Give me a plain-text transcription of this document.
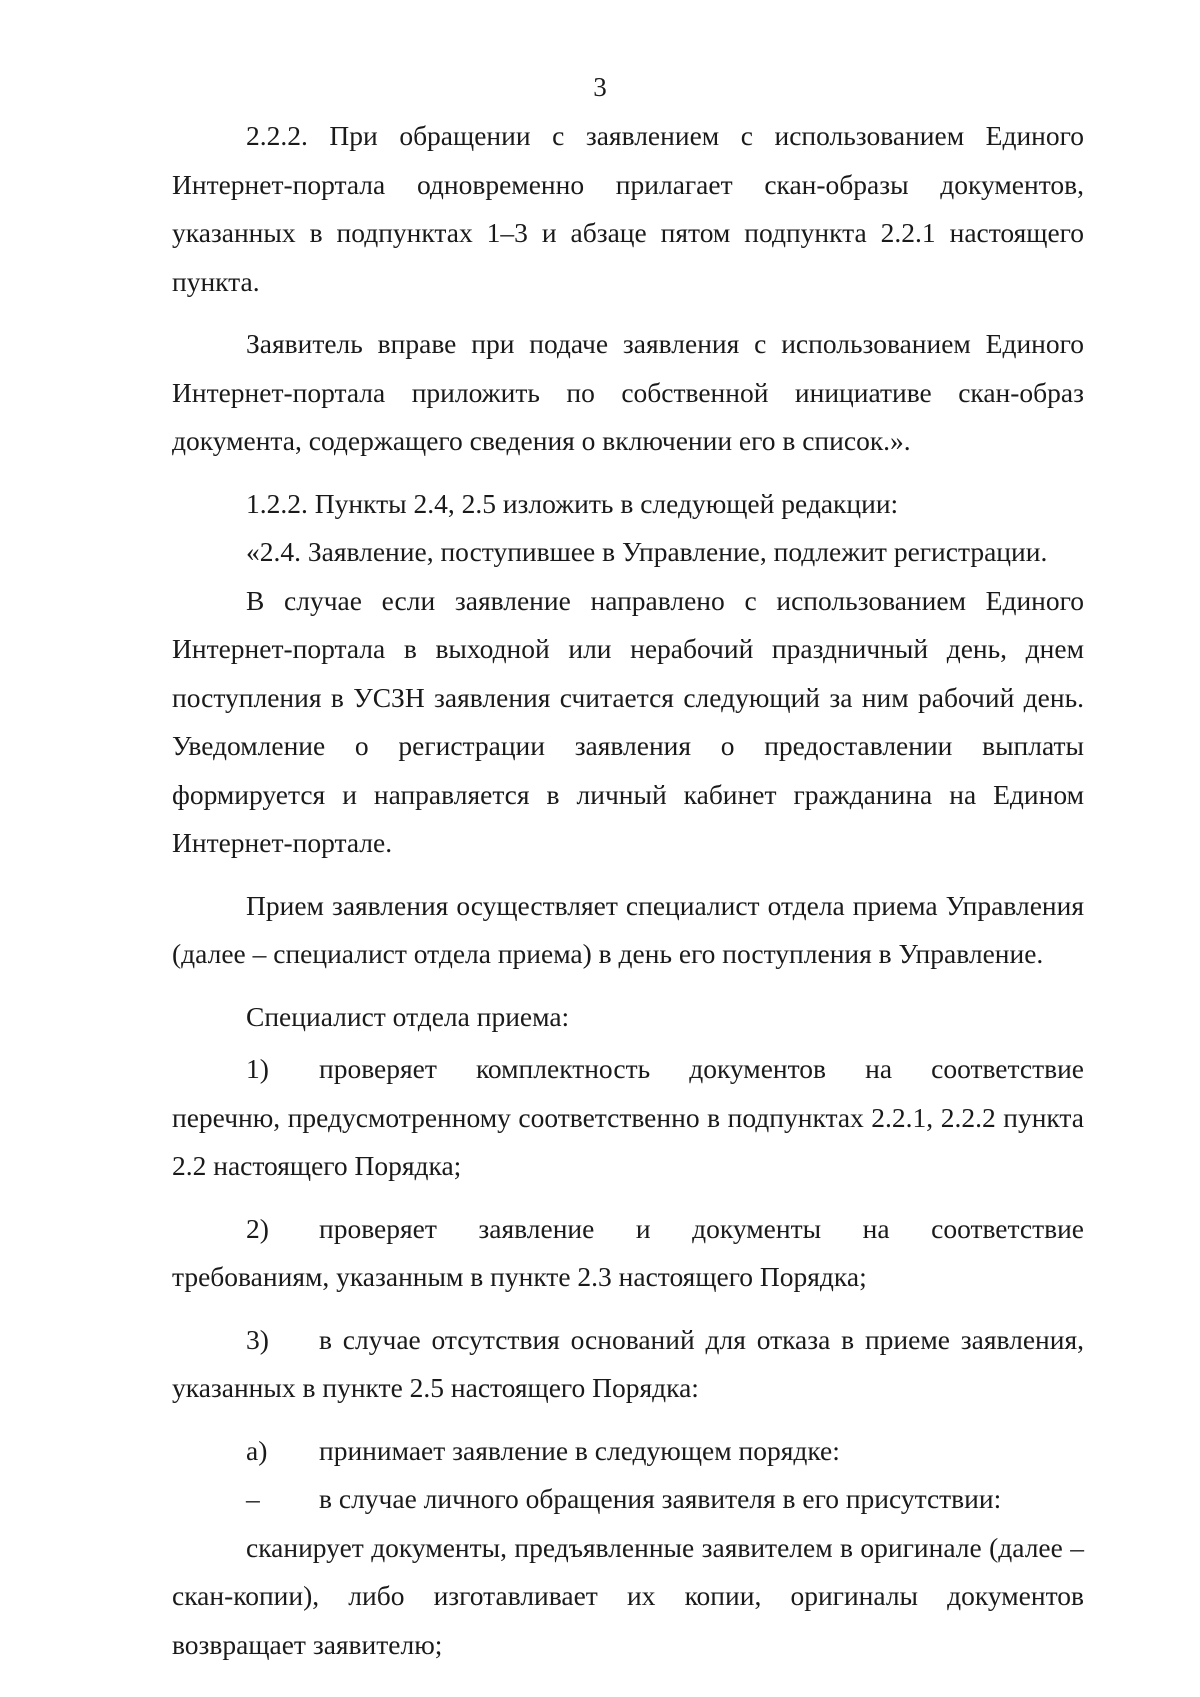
3

2.2.2. При обращении с заявлением с использованием Единого Интернет-портала одновременно прилагает скан-образы документов, указанных в подпунктах 1–3 и абзаце пятом подпункта 2.2.1 настоящего пункта.

Заявитель вправе при подаче заявления с использованием Единого Интернет-портала приложить по собственной инициативе скан-образ документа, содержащего сведения о включении его в список.».

1.2.2. Пункты 2.4, 2.5 изложить в следующей редакции:

«2.4. Заявление, поступившее в Управление, подлежит регистрации.

В случае если заявление направлено с использованием Единого Интернет-портала в выходной или нерабочий праздничный день, днем поступления в УСЗН заявления считается следующий за ним рабочий день. Уведомление о регистрации заявления о предоставлении выплаты формируется и направляется в личный кабинет гражданина на Едином Интернет-портале.

Прием заявления осуществляет специалист отдела приема Управления (далее – специалист отдела приема) в день его поступления в Управление.

Специалист отдела приема:

1)	проверяет комплектность документов на соответствие

перечню, предусмотренному соответственно в подпунктах 2.2.1, 2.2.2 пункта 2.2 настоящего Порядка;

2)	проверяет заявление и документы на соответствие

требованиям, указанным в пункте 2.3 настоящего Порядка;

3)	в случае отсутствия оснований для отказа в приеме заявления,

указанных в пункте 2.5 настоящего Порядка:

а)	принимает заявление в следующем порядке:
–	в случае личного обращения заявителя в его присутствии:

сканирует документы, предъявленные заявителем в оригинале (далее – скан-копии), либо изготавливает их копии, оригиналы документов возвращает заявителю;
